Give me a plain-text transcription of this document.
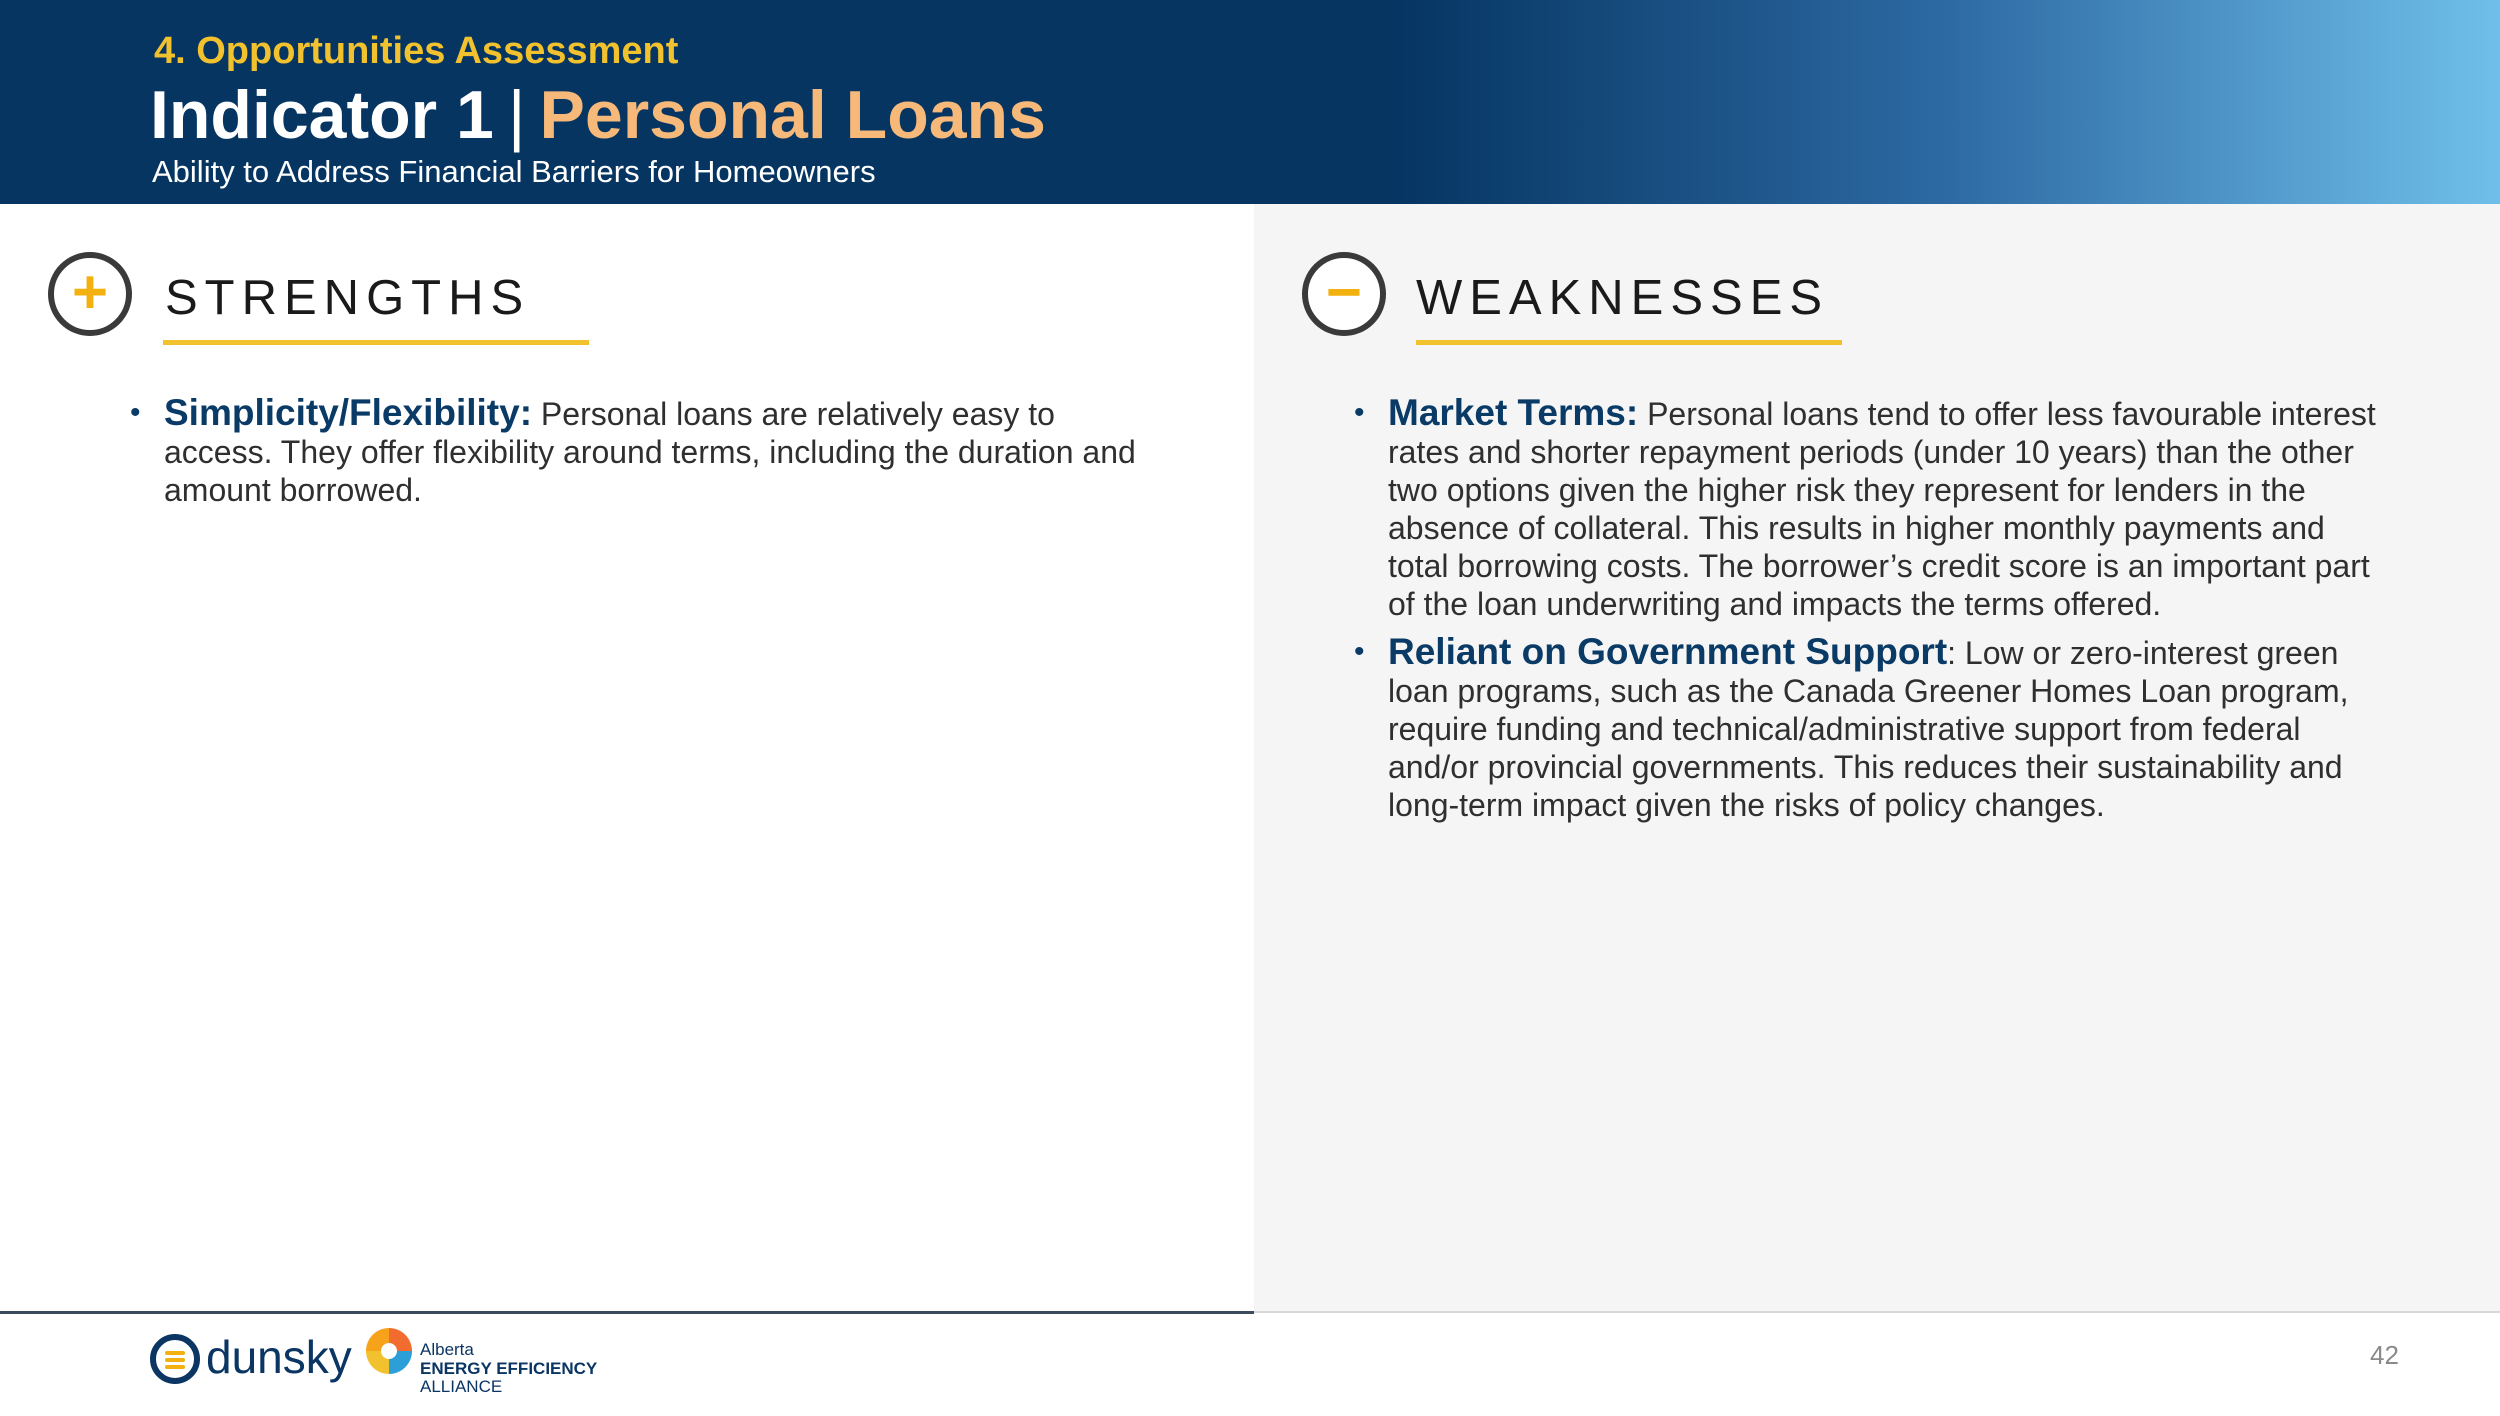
4. Opportunities Assessment
Indicator 1 | Personal Loans
Ability to Address Financial Barriers for Homeowners
+	STRENGTHS
• Simplicity/Flexibility: Personal loans are relatively easy to access. They offer flexibility around terms, including the duration and amount borrowed.
−	WEAKNESSES
• Market Terms: Personal loans tend to offer less favourable interest rates and shorter repayment periods (under 10 years) than the other two options given the higher risk they represent for lenders in the absence of collateral. This results in higher monthly payments and total borrowing costs. The borrower’s credit score is an important part of the loan underwriting and impacts the terms offered.
• Reliant on Government Support: Low or zero-interest green loan programs, such as the Canada Greener Homes Loan program, require funding and technical/administrative support from federal and/or provincial governments. This reduces their sustainability and long-term impact given the risks of policy changes.
dunsky	Alberta
ENERGY EFFICIENCY
ALLIANCE
42
